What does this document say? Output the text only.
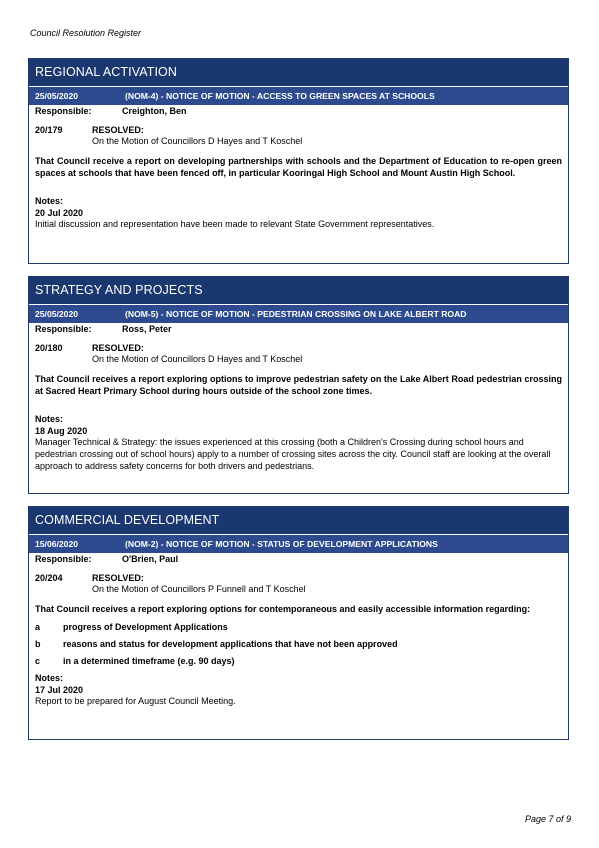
Council Resolution Register
REGIONAL ACTIVATION
25/05/2020	(NOM-4) - NOTICE OF MOTION - ACCESS TO GREEN SPACES AT SCHOOLS
Responsible:	Creighton, Ben
20/179	RESOLVED:
On the Motion of Councillors D Hayes and T Koschel
That Council receive a report on developing partnerships with schools and the Department of Education to re-open green spaces at schools that have been fenced off, in particular Kooringal High School and Mount Austin High School.
Notes:
20 Jul 2020
Initial discussion and representation have been made to relevant State Government representatives.
STRATEGY AND PROJECTS
25/05/2020	(NOM-5) - NOTICE OF MOTION - PEDESTRIAN CROSSING ON LAKE ALBERT ROAD
Responsible:	Ross, Peter
20/180	RESOLVED:
On the Motion of Councillors D Hayes and T Koschel
That Council receives a report exploring options to improve pedestrian safety on the Lake Albert Road pedestrian crossing at Sacred Heart Primary School during hours outside of the school zone times.
Notes:
18 Aug 2020
Manager Technical & Strategy: the issues experienced at this crossing (both a Children's Crossing during school hours and pedestrian crossing out of school hours) apply to a number of crossing sites across the city. Council staff are looking at the overall approach to address safety concerns for both drivers and pedestrians.
COMMERCIAL DEVELOPMENT
15/06/2020	(NOM-2) - NOTICE OF MOTION - STATUS OF DEVELOPMENT APPLICATIONS
Responsible:	O'Brien, Paul
20/204	RESOLVED:
On the Motion of Councillors P Funnell and T Koschel
That Council receives a report exploring options for contemporaneous and easily accessible information regarding:
a	progress of Development Applications
b	reasons and status for development applications that have not been approved
c	in a determined timeframe (e.g. 90 days)
Notes:
17 Jul 2020
Report to be prepared for August Council Meeting.
Page 7 of 9
